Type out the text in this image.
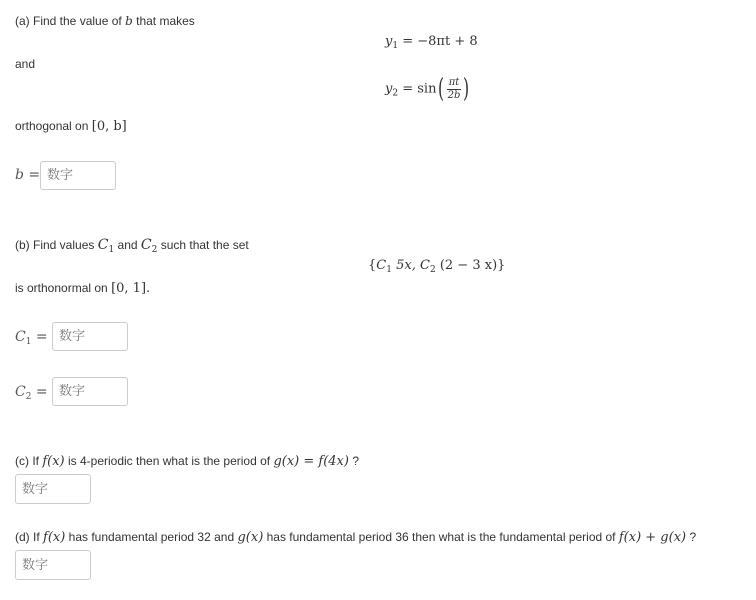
(a) Find the value of b that makes
$y_1 = -8\pi t + 8$
and
$y_2 = \sin( \frac{\pi t}{2b}$ )
orthogonal on [0, b]
b =
数字
(b) Find values $C_1$ and $C_2$ such that the set
{$C_1$ 5x, $C_2$ (2 − 3 x)}
is orthonormal on [0, 1].
$C_1$ =
数字
$C_2$ =
数字
(c) If f(x) is 4-periodic then what is the period of g(x) = f(4x) ?
数字
(d) If f(x) has fundamental period 32 and g(x) has fundamental period 36 then what is the fundamental period of f(x) + g(x) ?
数字
